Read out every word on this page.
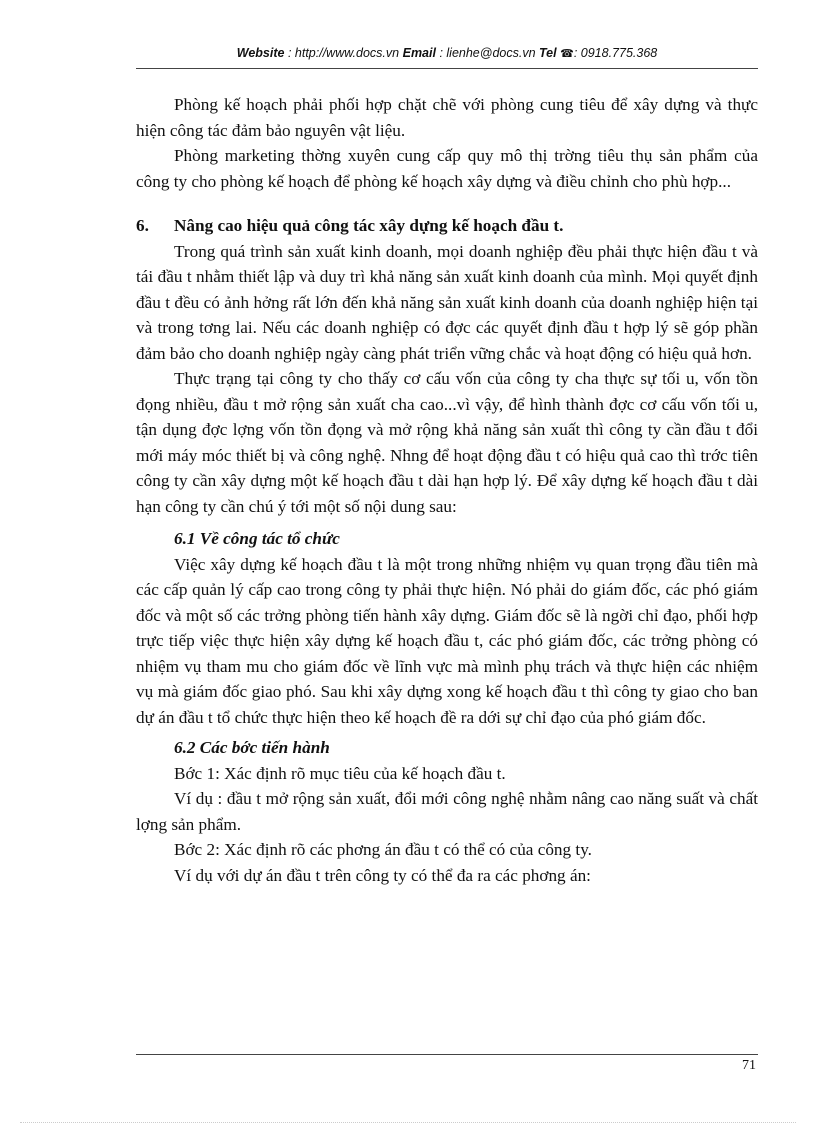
Website : http://www.docs.vn Email : lienhe@docs.vn Tel ☎: 0918.775.368

Phòng kế hoạch phải phối hợp chặt chẽ với phòng cung tiêu để xây dựng và thực hiện công tác đảm bảo nguyên vật liệu.

Phòng marketing thờng xuyên cung cấp quy mô thị trờng tiêu thụ sản phẩm của công ty cho phòng kế hoạch để phòng kế hoạch xây dựng và điều chỉnh cho phù hợp...

6.	Nâng cao hiệu quả công tác xây dựng kế hoạch đầu t.

Trong quá trình sản xuất kinh doanh, mọi doanh nghiệp đều phải thực hiện đầu t và tái đầu t nhằm thiết lập và duy trì khả năng sản xuất kinh doanh của mình. Mọi quyết định đầu t đều có ảnh hởng rất lớn đến khả năng sản xuất kinh doanh của doanh nghiệp hiện tại và trong tơng lai. Nếu các doanh nghiệp có đợc các quyết định đầu t hợp lý sẽ góp phần đảm bảo cho doanh nghiệp ngày càng phát triển vững chắc và hoạt động có hiệu quả hơn.

Thực trạng tại công ty cho thấy cơ cấu vốn của công ty cha thực sự tối u, vốn tồn đọng nhiều, đầu t mở rộng sản xuất cha cao...vì vậy, để hình thành đợc cơ cấu vốn tối u, tận dụng đợc lợng vốn tồn đọng và mở rộng khả năng sản xuất thì công ty cần đầu t đổi mới máy móc thiết bị và công nghệ. Nhng để hoạt động đầu t có hiệu quả cao thì trớc tiên công ty cần xây dựng một kế hoạch đầu t dài hạn hợp lý. Để xây dựng kế hoạch đầu t dài hạn công ty cần chú ý tới một số nội dung sau:

6.1 Về công tác tổ chức

Việc xây dựng kế hoạch đầu t là một trong những nhiệm vụ quan trọng đầu tiên mà các cấp quản lý cấp cao trong công ty phải thực hiện. Nó phải do giám đốc, các phó giám đốc và một số các trởng phòng tiến hành xây dựng. Giám đốc sẽ là ngời chỉ đạo, phối hợp trực tiếp việc thực hiện xây dựng kế hoạch đầu t, các phó giám đốc, các trởng phòng có nhiệm vụ tham mu cho giám đốc về lĩnh vực mà mình phụ trách và thực hiện các nhiệm vụ mà giám đốc giao phó. Sau khi xây dựng xong kế hoạch đầu t thì công ty giao cho ban dự án đầu t tổ chức thực hiện theo kế hoạch đề ra dới sự chỉ đạo của phó giám đốc.

6.2 Các bớc tiến hành

Bớc 1: Xác định rõ mục tiêu của kế hoạch đầu t.

Ví dụ : đầu t mở rộng sản xuất, đổi mới công nghệ nhằm nâng cao năng suất và chất lợng sản phẩm.

Bớc 2: Xác định rõ các phơng án đầu t có thể có của công ty.

Ví dụ với dự án đầu t trên công ty có thể đa ra các phơng án:

71
